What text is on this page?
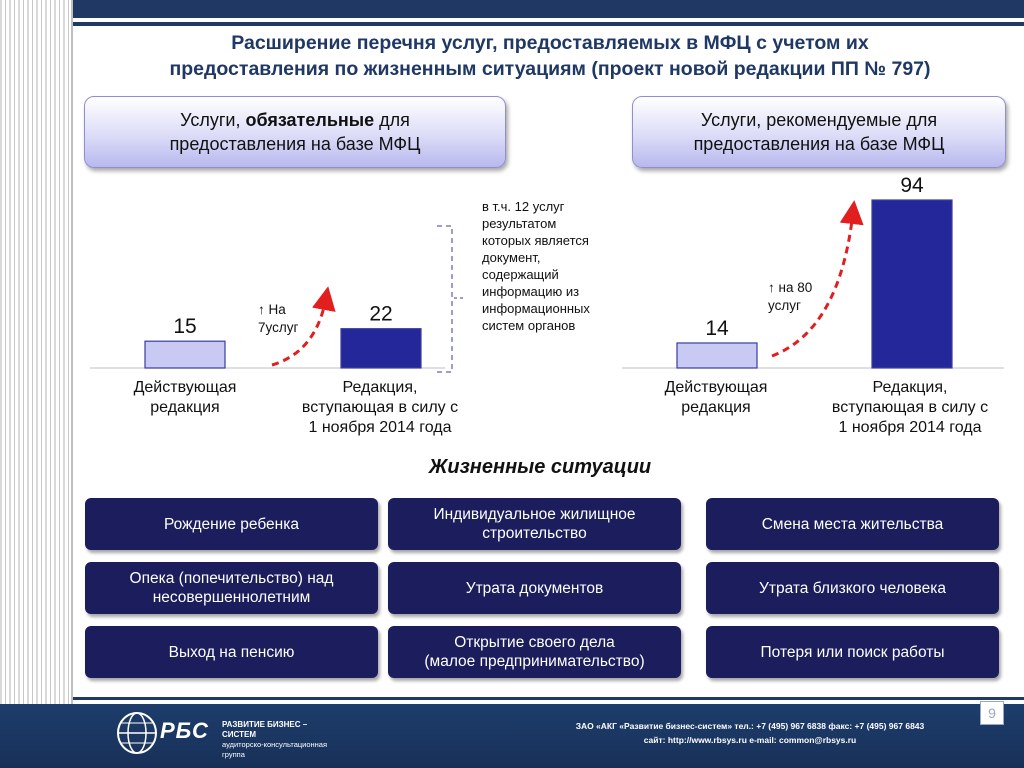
Расширение перечня услуг, предоставляемых в МФЦ с учетом их
предоставления по жизненным ситуациям (проект новой редакции ПП № 797)
Услуги, обязательные для
предоставления на базе МФЦ
Услуги, рекомендуемые для
предоставления на базе МФЦ
15
22
14
94
↑ На
7услуг
↑ на 80
услуг
в т.ч. 12 услуг
результатом
которых является
документ,
содержащий
информацию из
информационных
систем органов
Действующая
редакция
Редакция,
вступающая в силу с
1 ноября 2014 года
Действующая
редакция
Редакция,
вступающая в силу с
1 ноября 2014 года
Жизненные ситуации
Рождение ребенка
Индивидуальное жилищное
строительство
Смена места жительства
Опека (попечительство) над
несовершеннолетним
Утрата документов	Утрата близкого человека
Выход на пенсию
Открытие своего дела
(малое предпринимательство)
Потеря или поиск работы
РБС РАЗВИТИЕ БИЗНЕС – СИСТЕМ
аудиторско-консультационная группа
ЗАО «АКГ «Развитие бизнес-систем» тел.: +7 (495) 967 6838 факс: +7 (495) 967 6843
сайт: http://www.rbsys.ru e-mail: common@rbsys.ru
9
